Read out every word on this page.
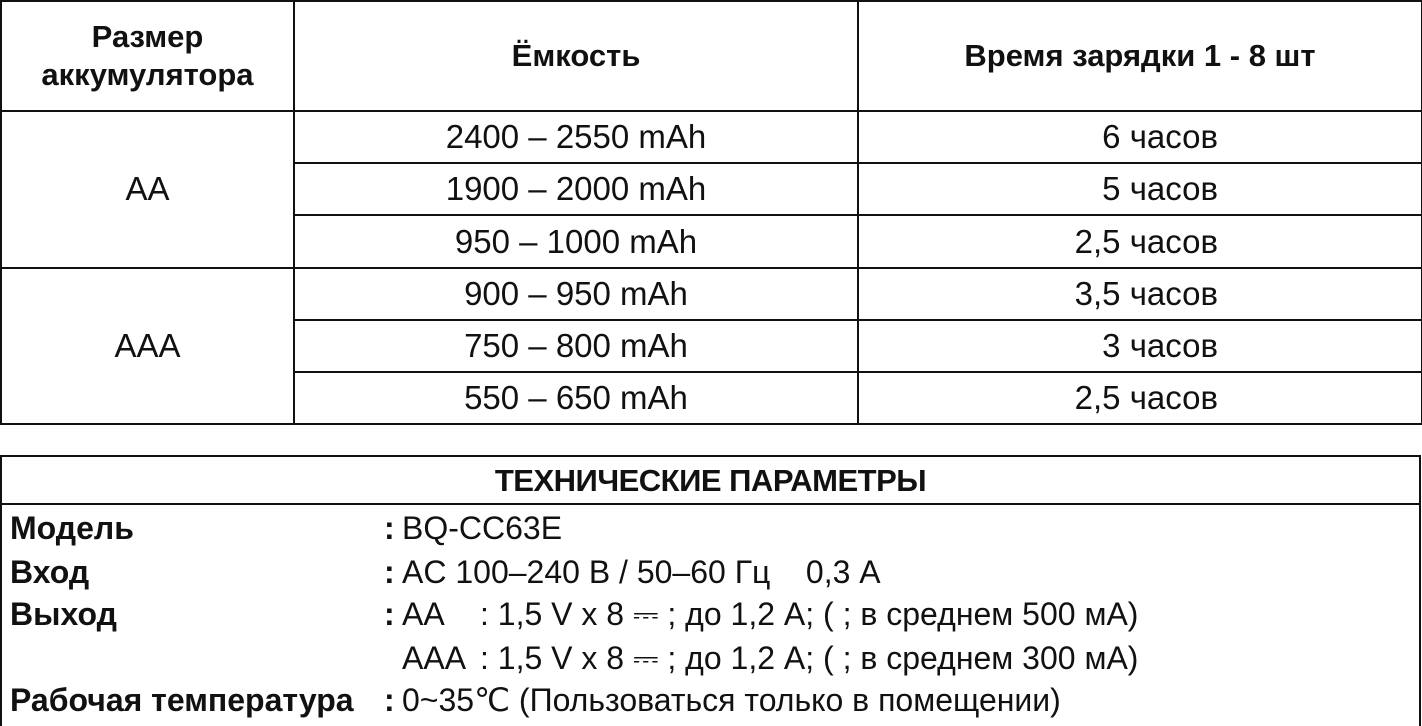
Размер
аккумулятора	Ёмкость	Время зарядки 1 - 8 шт
AA	2400 – 2550 mAh	6 часов
	1900 – 2000 mAh	5 часов
	950 – 1000 mAh	2,5 часов
AAA	900 – 950 mAh	3,5 часов
	750 – 800 mAh	3 часов
	550 – 650 mAh	2,5 часов
ТЕХНИЧЕСКИЕ ПАРАМЕТРЫ
Модель	: BQ-CC63E
Вход	: AC 100–240 В / 50–60 Гц    0,3 А
Выход	: AA : 1,5 V x 8 ⎓ ; до 1,2 А; ( ; в среднем 500 мА)
AAA : 1,5 V x 8 ⎓ ; до 1,2 А; ( ; в среднем 300 мА)
Рабочая температура : 0~35℃ (Пользоваться только в помещении)
